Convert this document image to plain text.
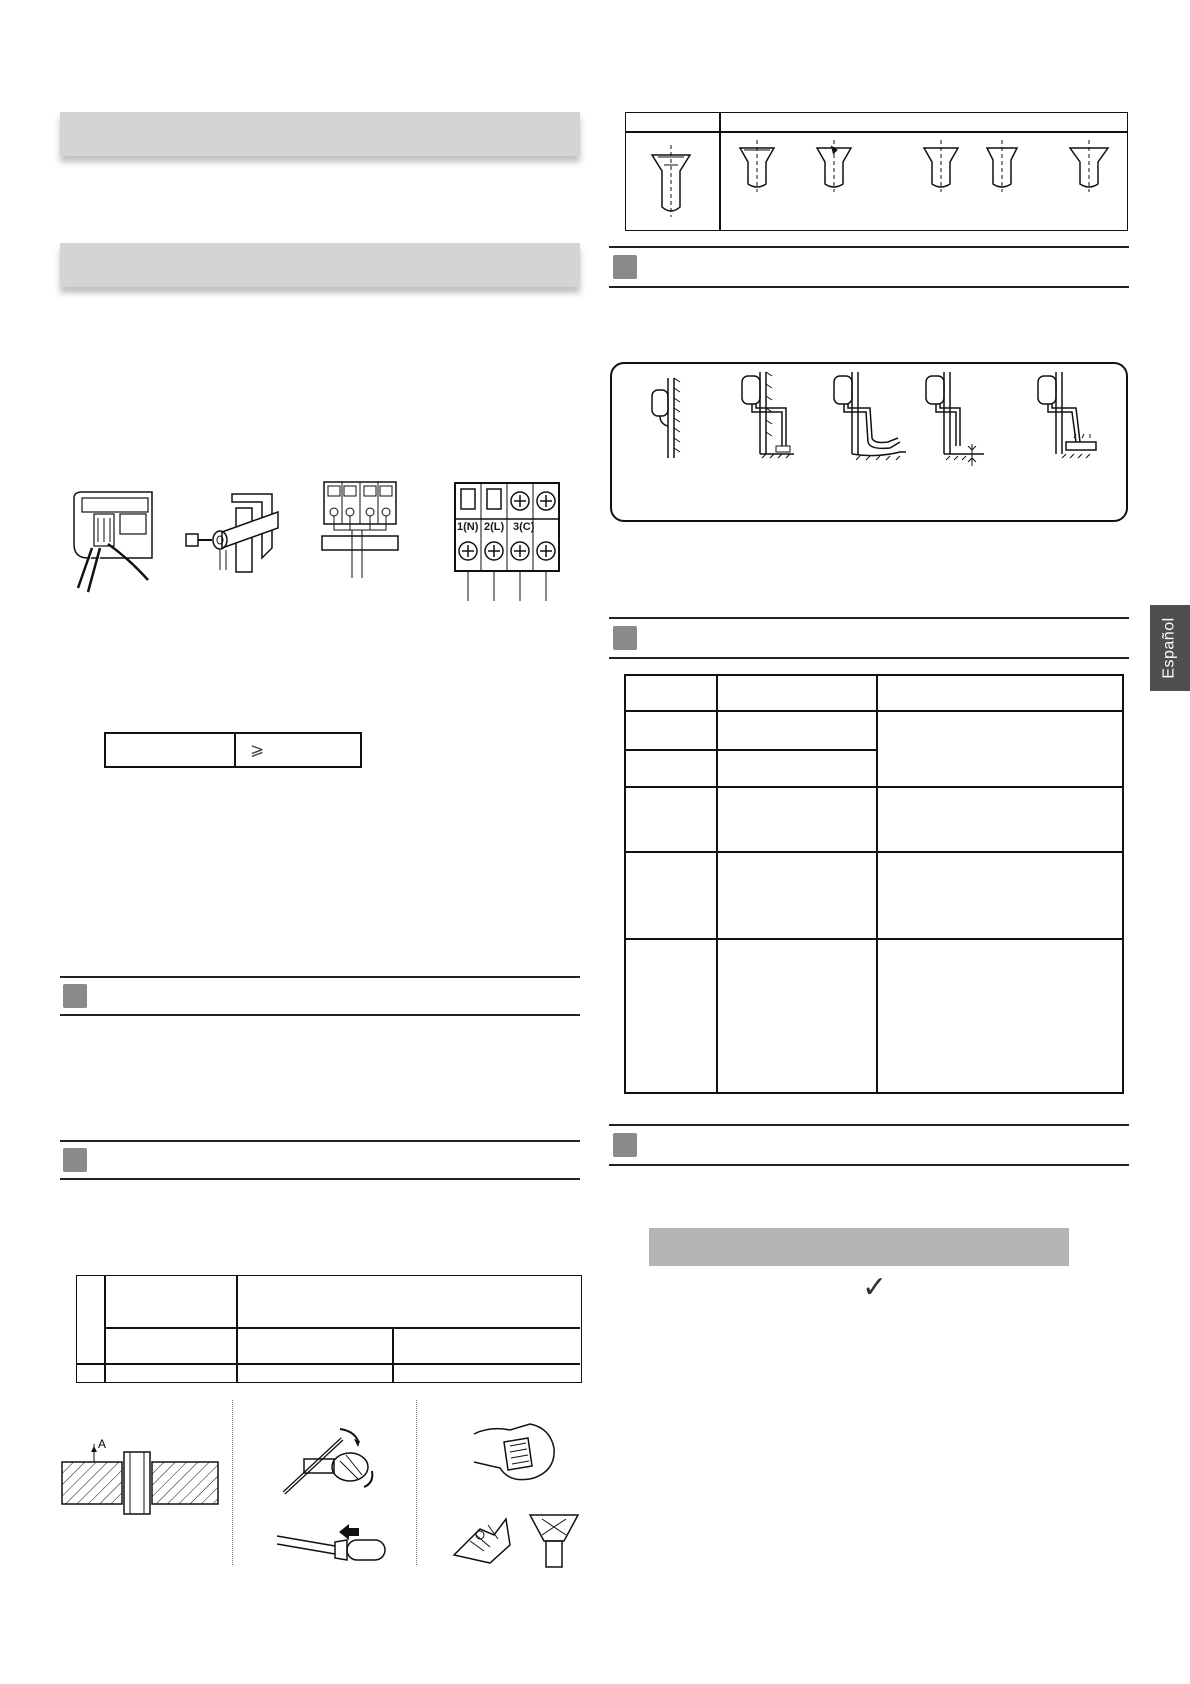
Español
1(N) 2(L) 3(C)
⩾
A
✓
